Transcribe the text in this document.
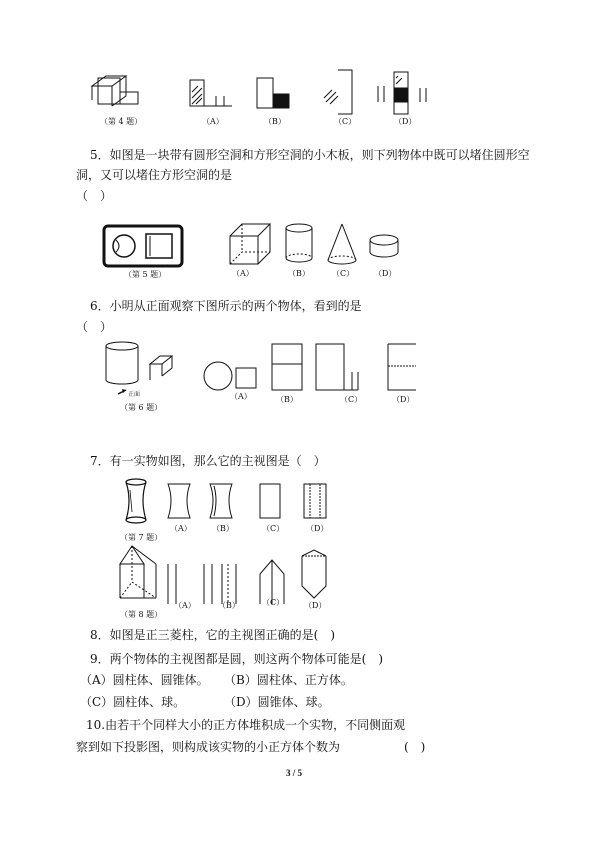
（第 4 题）	（A）	（B）	（C）	（D）
5．如图是一块带有圆形空洞和方形空洞的小木板，则下列物体中既可以堵住圆形空
洞，又可以堵住方形空洞的是
（　）
（第 5 题）	（A）	（B）	（C） （D）
6．小明从正面观察下图所示的两个物体，看到的是
（　）
正面
（第 6 题）
（A）	（B）	（C）	（D）
7．有一实物如图，那么它的主视图是（　）
（第 7 题）
（A）	（B）	（C）	（D）
（第 8 题）
（A）	（B）	（C） （D）
8．如图是正三菱柱，它的主视图正确的是(　)
9．两个物体的主视图都是圆，则这两个物体可能是(　)
（A）圆柱体、圆锥体。 （B）圆柱体、正方体。
（C）圆柱体、球。	（D）圆锥体、球。
10.由若干个同样大小的正方体堆积成一个实物，不同侧面观
察到如下投影图，则构成该实物的小正方体个数为	(　)
3 / 5
